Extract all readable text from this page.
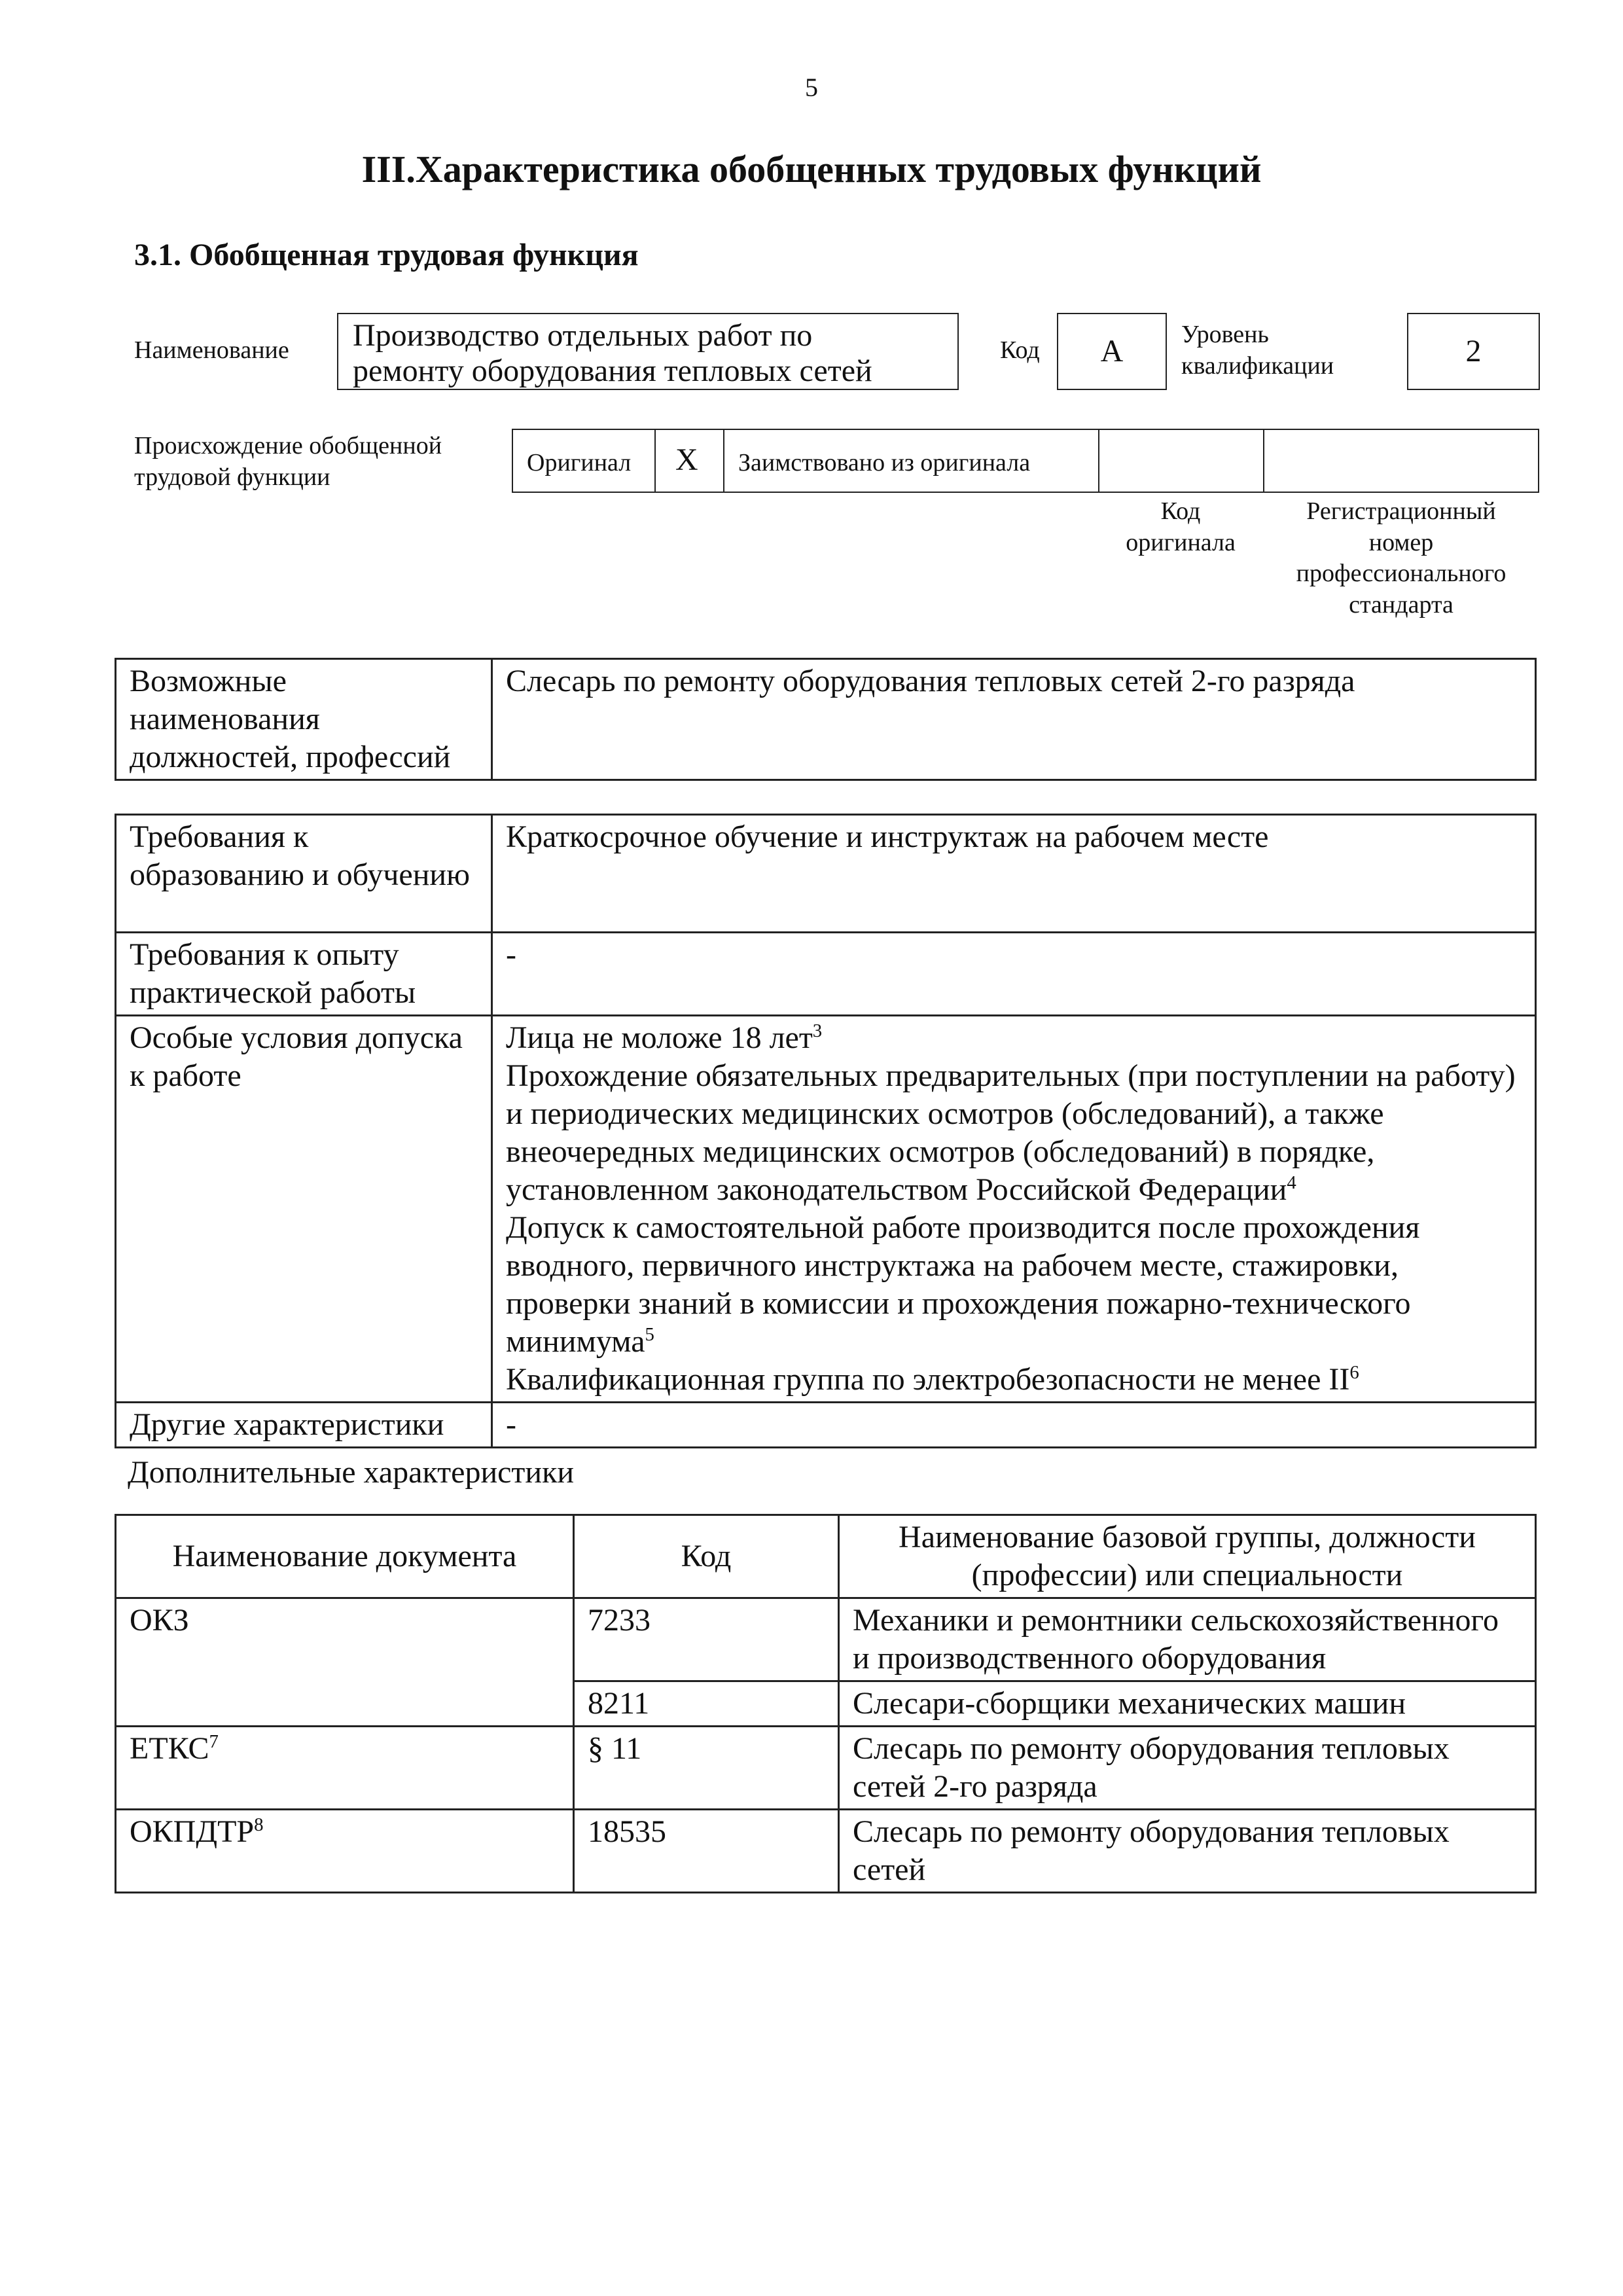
5
III.Характеристика обобщенных трудовых функций
3.1. Обобщенная трудовая функция
Наименование Производство отдельных работ по
ремонту оборудования тепловых сетей
Код А Уровень
квалификации	2
Происхождение обобщенной
трудовой функции
Оригинал X Заимствовано из оригинала
Код
оригинала
Регистрационный
номер
профессионального
стандарта
Возможные наименования должностей, профессий	Слесарь по ремонту оборудования тепловых сетей 2-го разряда
Требования к образованию и обучению	Краткосрочное обучение и инструктаж на рабочем месте
Требования к опыту практической работы	-
Особые условия допуска к работе	Лица не моложе 18 лет$^3$
Прохождение обязательных предварительных (при поступлении на работу) и периодических медицинских осмотров (обследований), а также внеочередных медицинских осмотров (обследований) в порядке, установленном законодательством Российской Федерации$^4$
Допуск к самостоятельной работе производится после прохождения вводного, первичного инструктажа на рабочем месте, стажировки, проверки знаний в комиссии и прохождения пожарно-технического минимума$^5$
Квалификационная группа по электробезопасности не менее $II^6$

Другие характеристики	-
Дополнительные характеристики
Наименование документа	Код	Наименование базовой группы, должности (профессии) или специальности
ОКЗ	7233	Механики и ремонтники сельскохозяйственного и производственного оборудования
	8211	Слесари-сборщики механических машин
ЕТКС$^7$	§ 11	Слесарь по ремонту оборудования тепловых сетей 2-го разряда
ОКПДТР$^8$	18535	Слесарь по ремонту оборудования тепловых сетей
